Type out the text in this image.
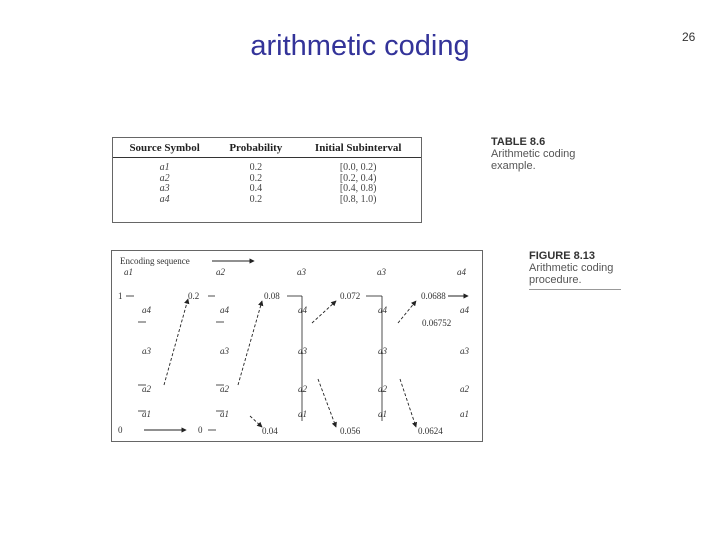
arithmetic coding	26
Source Symbol	Probability	Initial Subinterval
a1	0.2	[0.0, 0.2)
a2	0.2	[0.2, 0.4)
a3	0.4	[0.4, 0.8)
a4	0.2	[0.8, 1.0)
TABLE 8.6
Arithmetic coding
example.
Encoding sequence
a1	a2	a3	a3	a4
1
a4
a3
a2
a1
0
0.2
a4
a3
a2
a1
0
0.08
a4
a3
a2
a1
0.04
0.072
a4
a3
a2
a1
0.056
0.0688
0.06752
a4
a3
a2
a1
0.0624
FIGURE 8.13
Arithmetic coding
procedure.
